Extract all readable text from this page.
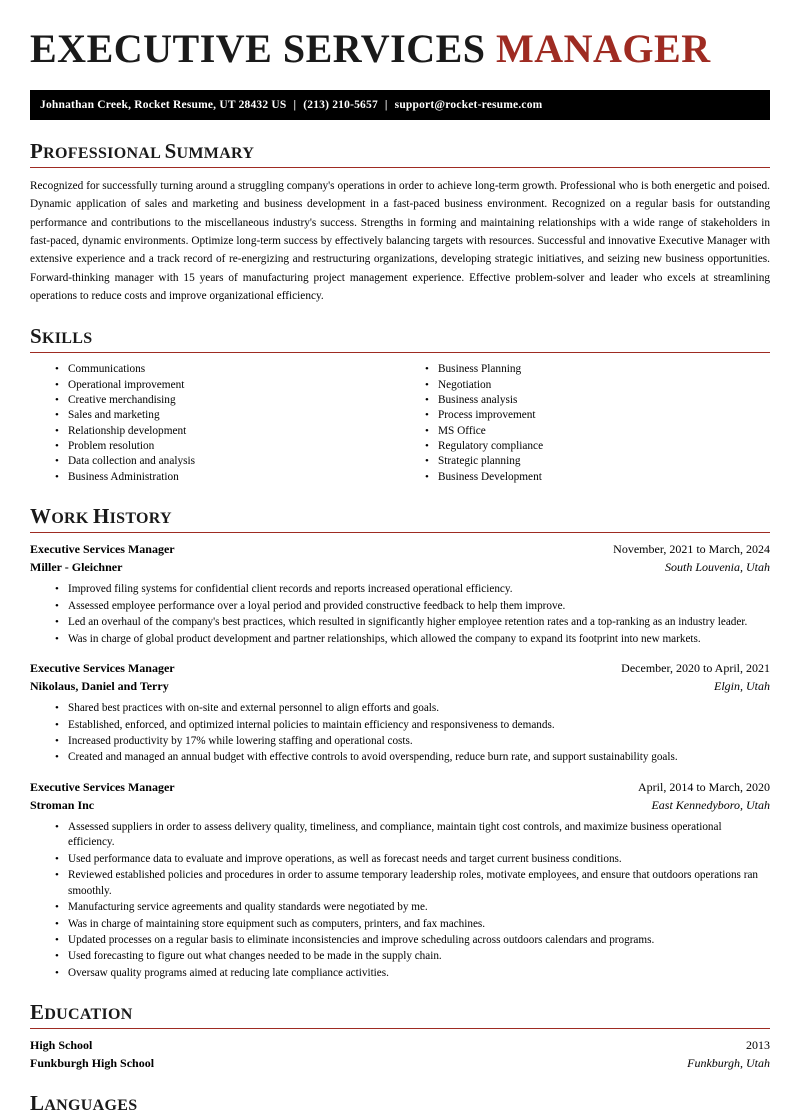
EXECUTIVE SERVICES MANAGER
Johnathan Creek, Rocket Resume, UT 28432 US | (213) 210-5657 | support@rocket-resume.com
PROFESSIONAL SUMMARY

Recognized for successfully turning around a struggling company's operations in order to achieve long-term growth. Professional who is both energetic and poised. Dynamic application of sales and marketing and business development in a fast-paced business environment. Recognized on a regular basis for outstanding performance and contributions to the miscellaneous industry's success. Strengths in forming and maintaining relationships with a wide range of stakeholders in fast-paced, dynamic environments. Optimize long-term success by effectively balancing targets with resources. Successful and innovative Executive Manager with extensive experience and a track record of re-energizing and restructuring organizations, developing strategic initiatives, and seizing new business opportunities. Forward-thinking manager with 15 years of manufacturing project management experience. Effective problem-solver and leader who excels at streamlining operations to reduce costs and improve organizational efficiency.

SKILLS
• Communications
• Operational improvement
• Creative merchandising
• Sales and marketing
• Relationship development
• Problem resolution
• Data collection and analysis
• Business Administration
• Business Planning
• Negotiation
• Business analysis
• Process improvement
• MS Office
• Regulatory compliance
• Strategic planning
• Business Development
WORK HISTORY
Executive Services Manager	November, 2021 to March, 2024
Miller - Gleichner	South Louvenia, Utah
• Improved filing systems for confidential client records and reports increased operational efficiency.
• Assessed employee performance over a loyal period and provided constructive feedback to help them improve.
• Led an overhaul of the company's best practices, which resulted in significantly higher employee retention rates and a top-ranking as an industry leader.
• Was in charge of global product development and partner relationships, which allowed the company to expand its footprint into new markets.
Executive Services Manager	December, 2020 to April, 2021
Nikolaus, Daniel and Terry	Elgin, Utah
• Shared best practices with on-site and external personnel to align efforts and goals.
• Established, enforced, and optimized internal policies to maintain efficiency and responsiveness to demands.
• Increased productivity by 17% while lowering staffing and operational costs.
• Created and managed an annual budget with effective controls to avoid overspending, reduce burn rate, and support sustainability goals.
Executive Services Manager	April, 2014 to March, 2020
Stroman Inc	East Kennedyboro, Utah
• Assessed suppliers in order to assess delivery quality, timeliness, and compliance, maintain tight cost controls, and maximize business operational efficiency.
• Used performance data to evaluate and improve operations, as well as forecast needs and target current business conditions.
• Reviewed established policies and procedures in order to assume temporary leadership roles, motivate employees, and ensure that outdoors operations ran smoothly.
• Manufacturing service agreements and quality standards were negotiated by me.
• Was in charge of maintaining store equipment such as computers, printers, and fax machines.
• Updated processes on a regular basis to eliminate inconsistencies and improve scheduling across outdoors calendars and programs.
• Used forecasting to figure out what changes needed to be made in the supply chain.
• Oversaw quality programs aimed at reducing late compliance activities.
EDUCATION
High School	2013
Funkburgh High School	Funkburgh, Utah
LANGUAGES
